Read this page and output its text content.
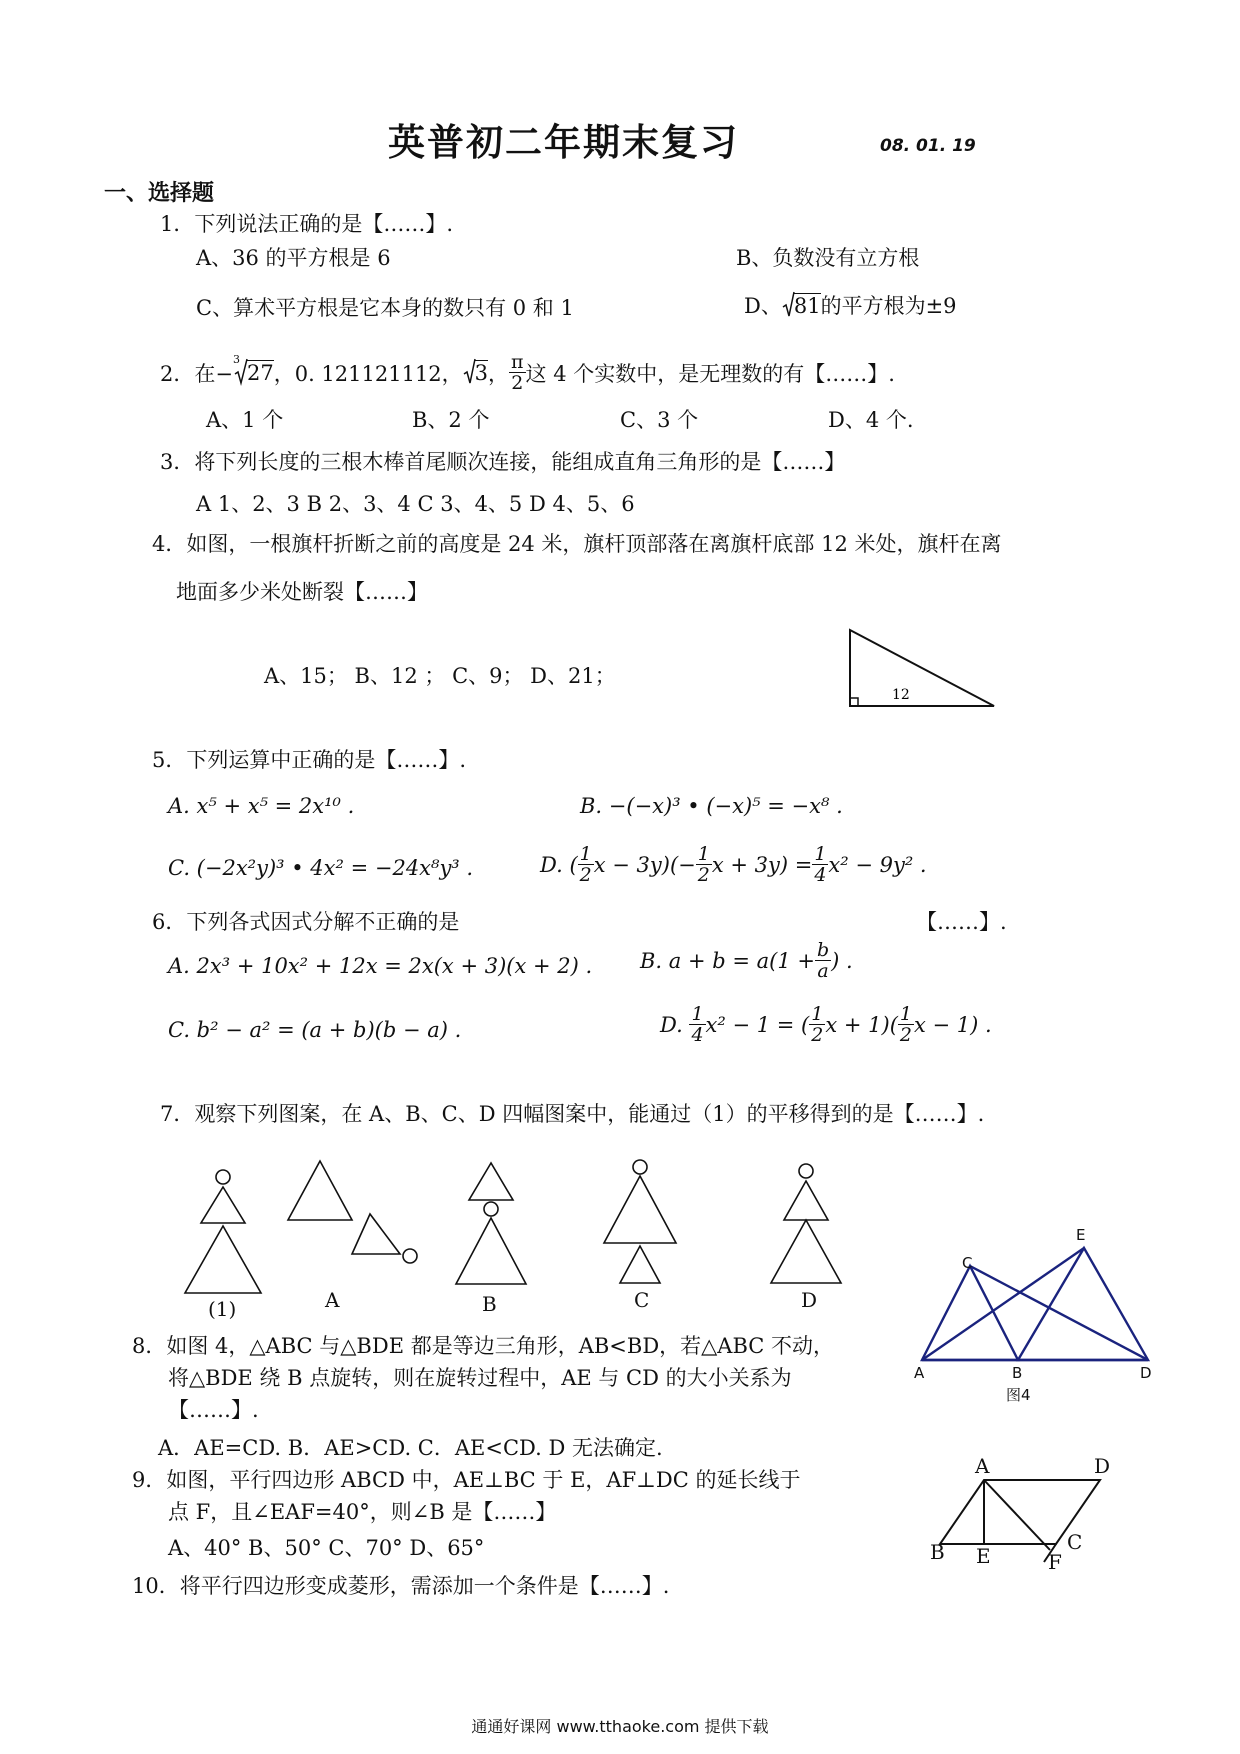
英普初二年期末复习	08. 01. 19
一、选择题
1．下列说法正确的是【……】.
A、36 的平方根是 6	B、负数没有立方根
C、算术平方根是它本身的数只有 0 和 1	D、 81的平方根为±9
2．在−
3
27 ，0. 121121112， 3 ， $\frac{\pi}{2}$ 这 4 个实数中，是无理数的有【……】.
A、1 个	B、2 个	C、3 个	D、4 个.
3．将下列长度的三根木棒首尾顺次连接，能组成直角三角形的是【……】
A 1、2、3 B 2、3、4 C 3、4、5 D 4、5、6
4．如图，一根旗杆折断之前的高度是 24 米，旗杆顶部落在离旗杆底部 12 米处，旗杆在离
地面多少米处断裂【……】
A、15； B、12 ； C、9； D、21；
12
5．下列运算中正确的是【……】.
A. x⁵ + x⁵ = 2x¹⁰ .	B. −(−x)³ • (−x)⁵ = −x⁸ .
C. (−2x²y)³ • 4x² = −24x⁸y³ .	D. ( $\frac{1}{2}$ $x - 3y)(- \frac{1}{2}$ $x + 3y) = \frac{1}{4} x^2 - 9y^2$ .
6．下列各式因式分解不正确的是	【……】.
A. 2x³ + 10x² + 12x = 2x(x + 3)(x + 2) . B. $a + b = a(1 + \frac{b}{a}$ ) .
C. b² − a² = (a + b)(b − a) .	D.
$\frac{1}{4} x^2 - 1$ = ( $\frac{1}{2}$ $x + 1)( \frac{1}{2}$ x − 1) .
7．观察下列图案，在 A、B、C、D 四幅图案中，能通过（1）的平移得到的是【……】.
(1)	A	B	C	D
8．如图 4，△ABC 与△BDE 都是等边三角形，AB<BD，若△ABC 不动，
将△BDE 绕 B 点旋转，则在旋转过程中，AE 与 CD 的大小关系为
【……】.
A．AE=CD. B．AE>CD. C．AE<CD. D 无法确定.
A	B
C
D
E
图4
9．如图，平行四边形 ABCD 中，AE⊥BC 于 E，AF⊥DC 的延长线于
点 F，且∠EAF=40°，则∠B 是【……】
A、40° B、50° C、70° D、65°
A	D
B E
C
F
10．将平行四边形变成菱形，需添加一个条件是【……】.
通通好课网 www.tthaoke.com 提供下载
